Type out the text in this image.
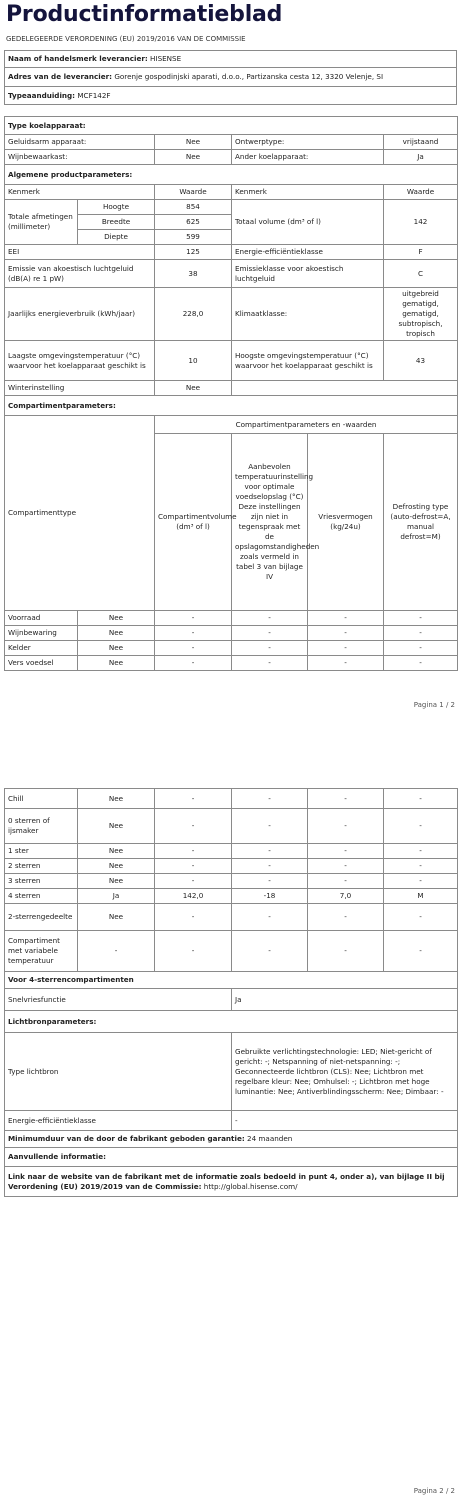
Productinformatieblad
GEDELEGEERDE VERORDENING (EU) 2019/2016 VAN DE COMMISSIE
Naam of handelsmerk leverancier: HISENSE
Adres van de leverancier: Gorenje gospodinjski aparati, d.o.o., Partizanska cesta 12, 3320 Velenje, SI
Typeaanduiding: MCF142F
Type koelapparaat:					
Geluidsarm apparaat:		Nee	Ontwerptype:		vrijstaand
Wijnbewaarkast:		Nee	Ander koelapparaat:		Ja
Algemene productparameters:					
Kenmerk		Waarde	Kenmerk		Waarde
Totale afmetingen (millimeter)	Hoogte	854	Totaal volume (dm³ of l)		142
	Breedte	625			
	Diepte	599			
EEI		125	Energie-efficiëntieklasse		F
Emissie van akoestisch luchtgeluid (dB(A) re 1 pW)		38	Emissieklasse voor akoestisch luchtgeluid		C
Jaarlijks energieverbruik (kWh/jaar)		228,0	Klimaatklasse:		uitgebreid gematigd, gematigd, subtropisch, tropisch
Laagste omgevingstemperatuur (°C) waarvoor het koelapparaat geschikt is		10	Hoogste omgevingstemperatuur (°C) waarvoor het koelapparaat geschikt is		43
Winterinstelling		Nee			
Compartimentparameters:					
Compartimenttype		Compartimentparameters en -waarden			
		Compartimentvolume (dm³ of l)	Aanbevolen temperatuurinstelling voor optimale voedselopslag (°C) Deze instellingen zijn niet in tegenspraak met de opslagomstandigheden zoals vermeld in tabel 3 van bijlage IV	Vriesvermogen (kg/24u)	Defrosting type (auto-defrost=A, manual defrost=M)
Voorraad	Nee	-	-	-	-
Wijnbewaring	Nee	-	-	-	-
Kelder	Nee	-	-	-	-
Vers voedsel	Nee	-	-	-	-
Pagina 1 / 2
Chill	Nee	-	-	-	-
0 sterren of ijsmaker	Nee	-	-	-	-
1 ster	Nee	-	-	-	-
2 sterren	Nee	-	-	-	-
3 sterren	Nee	-	-	-	-
4 sterren	Ja	142,0	-18	7,0	M
2-sterrengedeelte	Nee	-	-	-	-
Compartiment met variabele temperatuur	-	-	-	-	-
Voor 4-sterrencompartimenten					
Snelvriesfunctie			Ja		
Lichtbronparameters:					
Type lichtbron			Gebruikte verlichtingstechnologie: LED; Niet-gericht of gericht: -; Netspanning of niet-netspanning: -; Geconnecteerde lichtbron (CLS): Nee; Lichtbron met regelbare kleur: Nee; Omhulsel: -; Lichtbron met hoge luminantie: Nee; Antiverblindingsscherm: Nee; Dimbaar: -		
Energie-efficiëntieklasse			-		
Minimumduur van de door de fabrikant geboden garantie: 24 maanden					
Aanvullende informatie:					
Link naar de website van de fabrikant met de informatie zoals bedoeld in punt 4, onder a), van bijlage II bij Verordening (EU) 2019/2019 van de Commissie: http://global.hisense.com/					
Pagina 2 / 2
